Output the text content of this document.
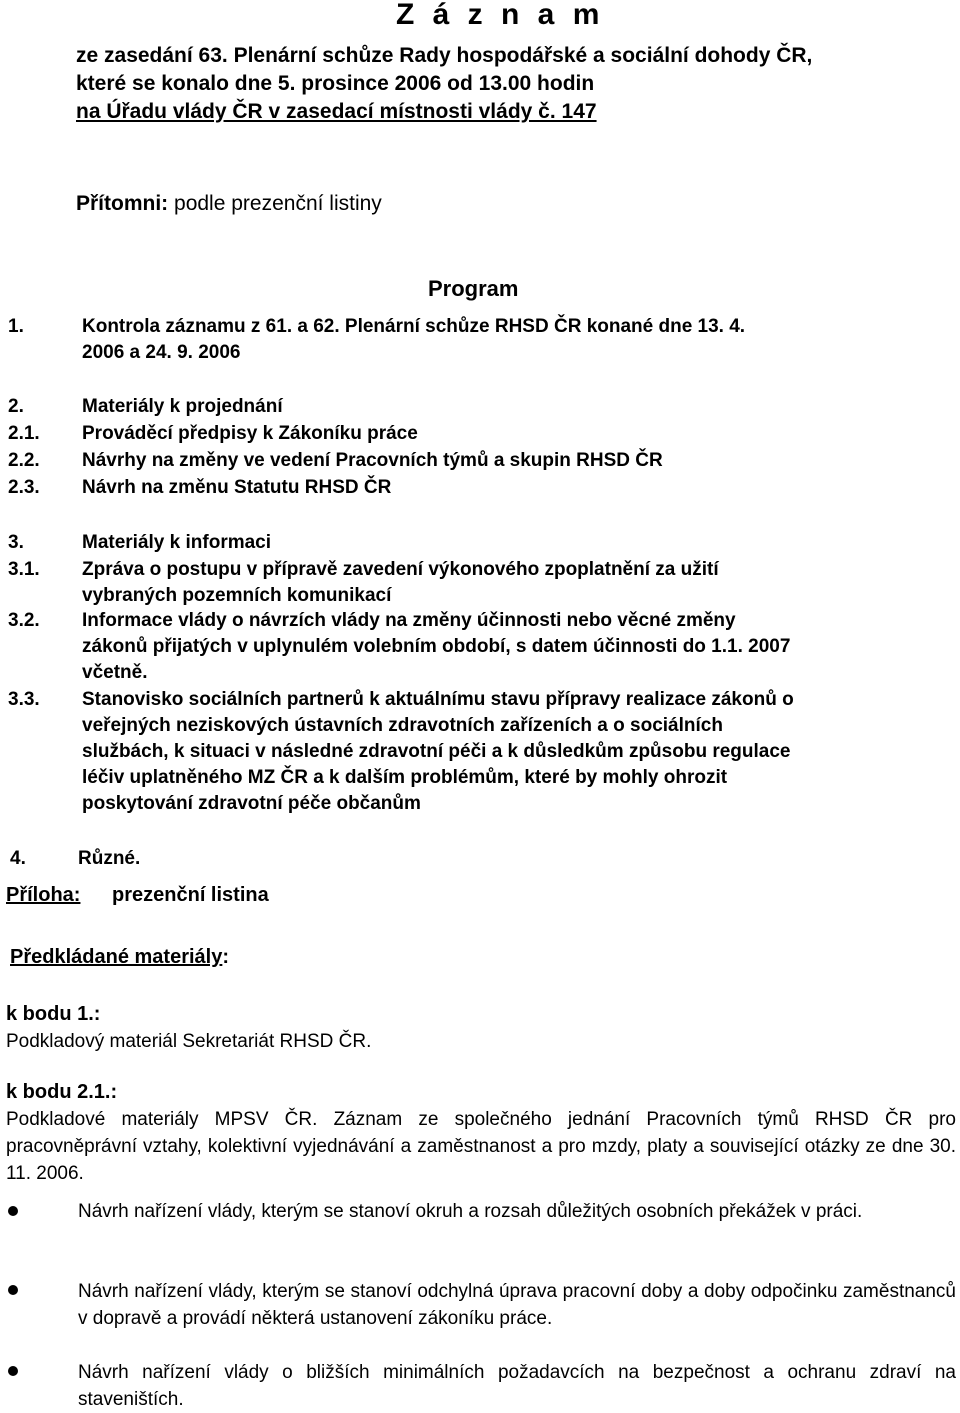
Z á z n a m
ze zasedání 63. Plenární schůze Rady hospodářské a sociální dohody ČR,
které se konalo dne 5. prosince 2006 od 13.00 hodin
na Úřadu vlády ČR v zasedací místnosti vlády č. 147
Přítomni: podle prezenční listiny
Program
1.	Kontrola záznamu z 61. a 62. Plenární schůze RHSD ČR konané dne 13. 4.
2006 a 24. 9. 2006
2.	Materiály k projednání
2.1. Prováděcí předpisy k Zákoníku práce
2.2. Návrhy na změny ve vedení Pracovních týmů a skupin RHSD ČR
2.3. Návrh na změnu Statutu RHSD ČR
3.	Materiály k informaci
3.1. Zpráva o postupu v přípravě zavedení výkonového zpoplatnění za užití
vybraných pozemních komunikací
3.2. Informace vlády o návrzích vlády na změny účinnosti nebo věcné změny
zákonů přijatých v uplynulém volebním období, s datem účinnosti do 1.1. 2007
včetně.
3.3. Stanovisko sociálních partnerů k aktuálnímu stavu přípravy realizace zákonů o
veřejných neziskových ústavních zdravotních zařízeních a o sociálních
službách, k situaci v následné zdravotní péči a k důsledkům způsobu regulace
léčiv uplatněného MZ ČR a k dalším problémům, které by mohly ohrozit
poskytování zdravotní péče občanům
4.	Různé.
Příloha: prezenční listina
Předkládané materiály:
k bodu 1.:
Podkladový materiál Sekretariát RHSD ČR.
k bodu 2.1.:
Podkladové materiály MPSV ČR. Záznam ze společného jednání Pracovních týmů RHSD ČR pro pracovněprávní vztahy, kolektivní vyjednávání a zaměstnanost a pro mzdy, platy a související otázky ze dne 30. 11. 2006.
Návrh nařízení vlády, kterým se stanoví okruh a rozsah důležitých osobních překážek v práci.
Návrh nařízení vlády, kterým se stanoví odchylná úprava pracovní doby a doby odpočinku zaměstnanců v dopravě a provádí některá ustanovení zákoníku práce.
Návrh nařízení vlády o bližších minimálních požadavcích na bezpečnost a ochranu zdraví na staveništích.
